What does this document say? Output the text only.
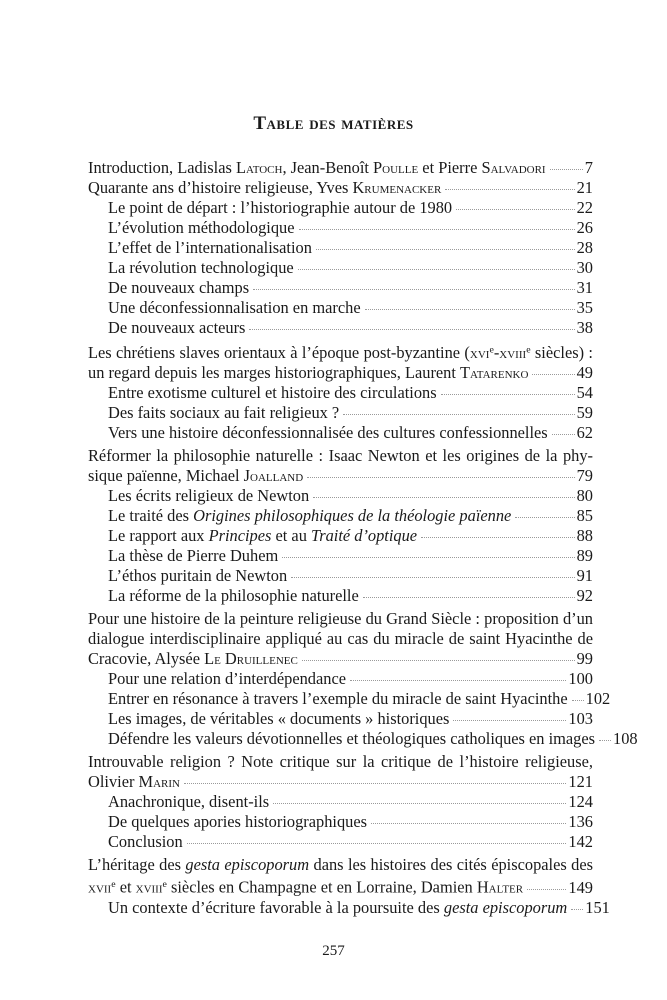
Table des matières
Introduction, Ladislas Latoch, Jean-Benoît Poulle et Pierre Salvadori 7
Quarante ans d’histoire religieuse, Yves Krumenacker	21
Le point de départ : l’historiographie autour de 1980	22
L’évolution méthodologique	26
L’effet de l’internationalisation	28
La révolution technologique	30
De nouveaux champs	31
Une déconfessionnalisation en marche	35
De nouveaux acteurs	38
Les chrétiens slaves orientaux à l’époque post-byzantine (xvi$^e$-xviii$^e$ siècles) :
un regard depuis les marges historiographiques, Laurent Tatarenko	49
Entre exotisme culturel et histoire des circulations	54
Des faits sociaux au fait religieux ?	59
Vers une histoire déconfessionnalisée des cultures confessionnelles 62
Réformer la philosophie naturelle : Isaac Newton et les origines de la phy-
sique païenne, Michael Joalland	79
Les écrits religieux de Newton	80
Le traité des Origines philosophiques de la théologie païenne	85
Le rapport aux Principes et au Traité d’optique	88
La thèse de Pierre Duhem	89
L’éthos puritain de Newton	91
La réforme de la philosophie naturelle	92
Pour une histoire de la peinture religieuse du Grand Siècle : proposition d’un
dialogue interdisciplinaire appliqué au cas du miracle de saint Hyacinthe de
Cracovie, Alysée Le Druillenec	99
Pour une relation d’interdépendance	100
Entrer en résonance à travers l’exemple du miracle de saint Hyacinthe 102
Les images, de véritables « documents » historiques	103
Défendre les valeurs dévotionnelles et théologiques catholiques en images 108
Introuvable religion ? Note critique sur la critique de l’histoire religieuse,
Olivier Marin	121
Anachronique, disent-ils	124
De quelques apories historiographiques	136
Conclusion	142
L’héritage des gesta episcoporum dans les histoires des cités épiscopales des
xvii$^e$ et xviii$^e$ siècles en Champagne et en Lorraine, Damien Halter	149
Un contexte d’écriture favorable à la poursuite des gesta episcoporum 151
257
